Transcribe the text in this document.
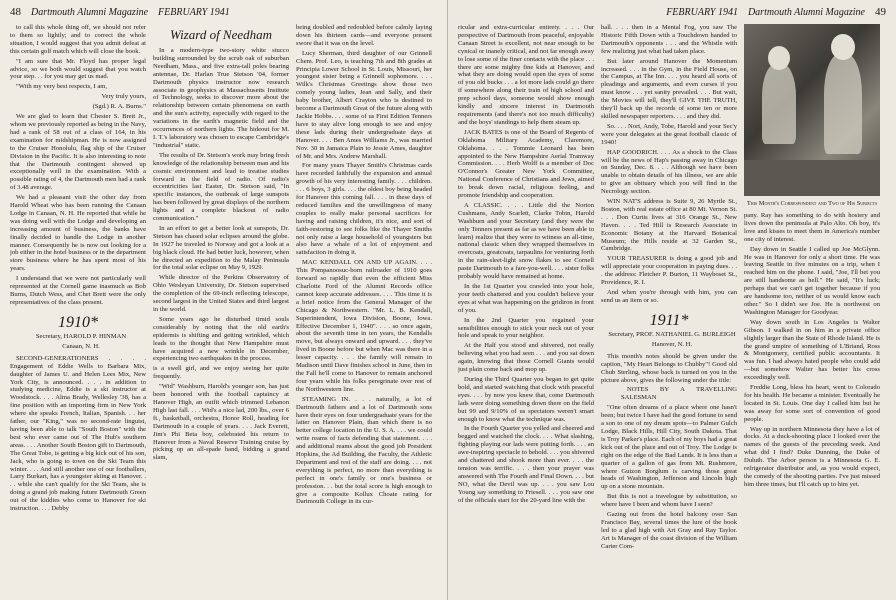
48 Dartmouth Alumni Magazine FEBRUARY 1941

to call this whole thing off, we should not refer to them so lightly; and to correct the whole situation, I would suggest that you admit defeat at this certain golf match which will close the book.

"I am sure that Mr. Floyd has proper legal advice, so we both would suggest that you watch your step. . . for you may get us mad.

"With my very best respects, I am,

Very truly yours,

(Sgd.) R. A. Burns."

We are glad to learn that Chester S. Brett Jr., whom we previously reported as being in the Navy, had a rank of 58 out of a class of 164, in his examination for midshipman. He is now assigned to the Cruiser Honolulu, flag ship of the Cruiser Division in the Pacific. It is also interesting to note that the Dartmouth contingent showed up exceptionally well in the examination. With a possible rating of 4, the Dartmouth men had a rank of 3.48 average.

We had a pleasant visit the other day from Harold Wheat who has been running the Canaan Lodge in Canaan, N. H. He reported that while he was doing well with the Lodge and developing an increasing amount of business, the banks have finally decided to handle the Lodge in another manner. Consequently he is now out looking for a job either in the hotel business or in the department store business where he has spent most of his years.

I understand that we were not particularly well represented at the Cornell game inasmuch as Bob Burns, Dutch Wess, and Chet Brett were the only representatives of the class present.

1910*

Secretary, HAROLD P. HINMAN

Canaan, N. H.

SECOND-GENERATIONERS . . . . Engagement of Eddie Wells to Barbara Mix, daughter of James U. and Helen Lees Mix, New York City, is announced. . . . in addition to studying medicine, Eddie is a ski instructor at Woodstock. . . . Alma Brady, Wellesley '38, has a fine position with an importing firm in New York where she speaks French, Italian, Spanish. . . her father, our "King," was no second-rate linguist, having been able to talk "South Boston" with the best who ever came out of The Hub's southern areas. . . . Another South Boston gift to Dartmouth, The Great Tobe, is getting a big kick out of his son, Jack, who is going to town on the Ski Team this winter. . . . And still another one of our footballers, Larry Burkart, has a youngster skiing at Hanover. . . . while she can't qualify for the Ski Team, she is doing a grand job making future Dartmouth Green out of the kiddies who come to Hanover for ski instruction. . . . Debby

Wizard of Needham

In a modern-type two-story white stucco building surrounded by the scrub oak of suburban Needham, Mass., and five extra-tall poles bearing antennae, Dr. Harlan True Stetson '04, former Dartmouth physics instructor now research associate in geophysics at Massachusetts Institute of Technology, seeks to discover more about the relationship between certain phenomena on earth and the sun's activity, especially with regard to the variations in the earth's magnetic field and the occurrences of northern lights. The hideout for M. I. T.'s laboratory was chosen to escape Cambridge's "industrial" static.

The results of Dr. Stetson's work may bring fresh knowledge of the relationship between man and his cosmic environment and lead to treatise studies forward in the field of radio. Of radio's eccentricities last Easter, Dr. Stetson said, "In specific instances, the outbreak of large sunspots has been followed by great displays of the northern lights and a complete blackout of radio communication."

In an effort to get a better look at sunspots, Dr. Stetson has chased solar eclipses around the globe. In 1927 he traveled to Norway and got a look at a big black cloud. He had better luck, however, when he directed an expedition to the Malay Peninsula for the total solar eclipse on May 9, 1929.

While director of the Perkins Observatory of Ohio Wesleyan University, Dr. Stetson supervised the completion of the 69-inch reflecting telescope, second largest in the United States and third largest in the world.

Some years ago he disturbed timid souls considerably by noting that the old earth's epidermis is shifting and getting wrinkled, which leads to the thought that New Hampshire must have acquired a new wrinkle in December, experiencing two earthquakes in the process.

is a swell girl, and we enjoy seeing her quite frequently.

"Wid" Washburn, Harold's younger son, has just been honored with the football captaincy at Hanover High, an outfit which trimmed Lebanon High last fall. . . . Wid's a nice lad, 200 lbs., over 6 ft., basketball, orchestra, Honor Roll, heading for Dartmouth in a couple of years. . . . Jack Everett, Jim's Phi Beta boy, celebrated his return to Hanover from a Naval Reserve Training cruise by picking up an all-spade hand, bidding a grand slam,

being doubled and redoubled before calmly laying down his thirteen cards—and everyone present swore that it was on the level.

Lucy Sherman, third daughter of our Grinnell Chem. Prof. Leo, is teaching 7th and 8th grades at Principia Lower School in St. Louis, Missouri, her youngest sister being a Grinnell sophomore. . . . Wilk's Christmas Greetings show those two comely young ladies, Jean and Sally, and their baby brother, Albert Crayton who is destined to become a Dartmouth Great of the future along with Jackie Hobbs. . . . some of us First Edition Tenners have to stay alive long enough to see and enjoy these lads during their undergraduate days at Hanover. . . . Ben Ames Williams Jr., was married Nov. 30 in Jamaica Plain to Jessie Ames, daughter of Mr. and Mrs. Andrew Marshall.

For many years Thayer Smith's Christmas cards have recorded faithfully the expansion and annual growth of his very interesting family. . . . children. . . . 6 boys, 3 girls. . . . the oldest boy being headed for Hanover this coming fall. . . . in these days of reduced families and the unwillingness of many couples to really make personal sacrifices for having and raising children, it's nice, and sort of faith-restoring to see folks like the Thayer Smiths not only raise a large household of youngsters but also have a whale of a lot of enjoyment and satisfaction in doing it.

MAC KENDALL ON AND UP AGAIN. . . . This Pompanoosuc-born railroader of 1910 goes forward so rapidly that even the efficient Miss Charlotte Ford of the Alumni Records office cannot keep accurate addresses. . . . This time it is a brief notice from the General Manager of the Chicago & Northwestern. "Mr. L. B. Kendall, Superintendent, Iowa Division, Boone, Iowa. Effective December 1, 1940". . . . so once again, about the seventh time in ten years, the Kendalls move, but always onward and upward. . . . they've lived in Boone before but when Mac was there in a lesser capacity. . . . the family will remain in Madison until Dave finishes school in June, then in the Fall he'll come to Hanover to remain anchored four years while his folks peregrinate over rest of the Northwestern line.

STEAMING IN. . . . naturally, a lot of Dartmouth fathers and a lot of Dartmouth sons have their eyes on four undergraduate years for the latter on Hanover Plain, than which there is no better college location in the U. S. A. . . . we could write reams of facts defending that statement. . . . and additional reams about the good job President Hopkins, the Ad Building, the Faculty, the Athletic Department and rest of the staff are doing. . . . not everything is perfect, no more than everything is perfect in one's family or one's business or profession. . . but the total score is high enough to give a composite Kollux Choate rating for Dartmouth College in its cur-

FEBRUARY 1941 Dartmouth Alumni Magazine 49

ricular and extra-curricular entirety. . . . Our perspective of Dartmouth from peaceful, enjoyable Canaan Street is excellent, not near enough to be cynical or inanely critical, and not far enough away to lose some of the finer contacts with the place . . . there are some mighty fine kids at Hanover, and what they are doing would open the eyes of some of you old bucks . . . a lot more lads could go there if somewhere along their train of high school and prep school days, someone would show enough kindly and sincere interest in Dartmouth requirements (and there's not too much difficulty) and the boys' standings to help them steam up.

JACK BATES is one of the Board of Regents of Oklahoma Military Academy, Claremore, Oklahoma. . . . Tommie Leonard has been appointed to the New Hampshire Aerial Tramway Commission. . . . Herb Wolff is a member of Doc O'Connor's Greater New York Committee, National Conference of Christians and Jews, aimed to break down racial, religious feeling, and promote friendship and cooperation.

A CLASSIC. . . . Little did the Norton Cushmans, Andy Scarlett, Clarke Tobin, Harold Washburn and your Secretary (and they were the only Tenners present as far as we have been able to learn) realize that they were to witness an all-time, national classic when they wrapped themselves in overcoats, greatcoats, tarpaulins for venturing forth in the rain-sleet-light snow flakes to see Cornell paste Dartmouth to a fare-you-well. . . . sister folks probably would have remained at home.

In the 1st Quarter you crawled into your hole, your teeth chattered and you couldn't believe your eyes at what was happening on the gridiron in front of you.

In the 2nd Quarter you regained your sensibilities enough to stick your neck out of your hole and speak to your neighbor.

At the Half you stood and shivered, not really believing what you had seen . . . and you sat down again, knowing that those Cornell Giants would just plain come back and mop up.

During the Third Quarter you began to get quite bold, and started watching that clock with peaceful eyes. . . . by now you knew that, come Dartmouth lads were doing something down there on the field but 99 and 9/10% of us spectators weren't smart enough to know what the technique was.

In the Fourth Quarter you yelled and cheered and begged and watched the clock. . . . What slashing, fighting playing our lads were putting forth. . . . an awe-inspiring spectacle to behold. . . . you shivered and chattered and shook more than ever. . . . the tension was terrific. . . . then your prayer was answered with The Fourth and Final Down. . . . but NO, what the Devil was up. . . . you saw Lou Young say something to Friesell. . . . you saw one of the officials start for the 20-yard line with the

ball. . . . then in a Mental Fog, you saw The Historic Fifth Down with a Touchdown handed to Dartmouth's opponents . . . and the Whistle with few realizing just what had taken place.

But later around Hanover the Momentum increased. . . . in the Gym, in the Field House, on the Campus, at The Inn. . . . you heard all sorts of pleadings and arguments, and even curses if you must know . . . yet sanity prevailed. . . . But wait, the Movies will tell, they'll GIVE THE TRUTH, they'll back up the records of some ten or more skilled newspaper reporters. . . . and they did.

So. . . . Nort, Andy, Tobe, Harold and your Sec'y were your delegates at the great football classic of 1940!

HAP GOODRICH. . . . As a shock to the Class will be the news of Hap's passing away in Chicago on Sunday, Dec. 8. . . . Although we have been unable to obtain details of his illness, we are able to give an obituary which you will find in the Necrology section.

WIN NAT'S address is Suite 9, 26 Myrtle St., Boston, with real estate office at 80 Mt. Vernon St. . . . Don Curtis lives at 316 Orange St., New Haven. . . . Ted Hill is Research Associate in Economic Botany at the Harvard Botanical Museum; the Hills reside at 32 Garden St., Cambridge.

YOUR TREASURER is doing a good job and will appreciate your cooperation in paying dues. . . . the address: Fletcher P. Burton, 11 Wayboset St., Providence, R. I.

And when you're through with him, you can send us an item or so.

1911*

Secretary, PROF. NATHANIEL G. BURLEIGH

Hanover, N. H.

This month's notes should be given under the caption, "My Heart Belongs to Chubby"! Good old Chub Sterling, whose back is turned on you in the picture above, gives the following under the title:

NOTES BY A TRAVELLING SALESMAN

"One often dreams of a place where one hasn't been; but twice I have had the good fortune to send a son to one of my dream spots—to Palmer Gulch Lodge, Black Hills, Hill City, South Dakota. That is Troy Parker's place. Each of my boys had a great kick out of the place and out of Troy. The Lodge is right on the edge of the Bad Lands. It is less than a quarter of a gallon of gas from Mt. Rushmore, where Gutzon Borglum is carving those great heads of Washington, Jefferson and Lincoln high up on a stone mountain.

But this is not a travelogue by substitution, so where have I been and whom have I seen?

Gazing out from the hotel balcony over San Francisco Bay, several times the lure of the book led to a glad high with Art Gray and Ray Taylor. Art is Manager of the coast division of the William Carter Com-

This Month's Correspondent and Two of His Subjects

pany. Ray has something to do with hosiery and lives down the peninsula at Palo Alto. Oh boy, it's love and kisses to meet them in America's number one city of interest.

Day down in Seattle I called up Joe McGlynn. He was in Hanover for only a short time. He was leaving Seattle in five minutes on a trip, when I reached him on the phone. I said, "Joe, I'll bet you are still handsome as hell." He said, "It's luck; perhaps that we can't get together because if you are handsome too, neither of us would know each other." So I didn't see Joe. He is northwest on Washington Manager for Goodyear.

Way down south in Los Angeles is Walter Gibson. I walked in on him in a private office slightly larger than the State of Rhode Island. He is the grand umpire of something of L'Briand, Ross & Montgomery, certified public accountants. It was fun. I had always hated people who could add—but somehow Walter has better his cross exceedingly well.

Freddie Long, bless his heart, went to Colorado for his health. He became a minister. Eventually he located in St. Louis. One day I called him but he was away for some sort of convention of good people.

Way up in northern Minnesota they have a lot of docks. At a duck-shooting place I looked over the names of the guests of the preceding week. And what did I find? Duke Dunning, the Duke of Duluth. The Arbor person is a Minnesota G. E. refrigerator distributor and, as you would expect, the comedy of the shooting parties. I've just missed him three times, but I'll catch up to him yet.
